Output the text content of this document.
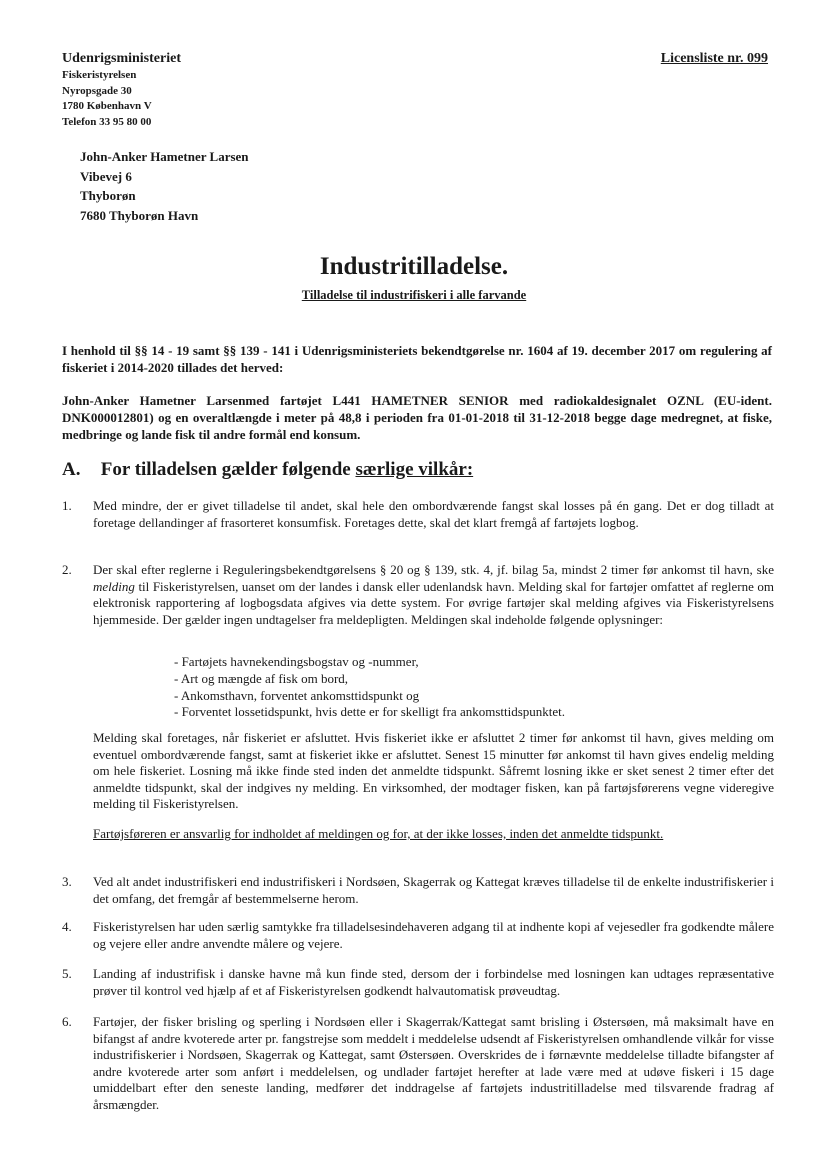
Udenrigsministeriet
Fiskeristyrelsen
Nyropsgade 30
1780 København V
Telefon 33 95 80 00
Licensliste nr. 099
John-Anker Hametner Larsen
Vibevej 6
Thyborøn
7680 Thyborøn Havn
Industritilladelse.
Tilladelse til industrifiskeri i alle farvande
I henhold til §§ 14 - 19 samt §§ 139 - 141 i Udenrigsministeriets bekendtgørelse nr. 1604 af 19. december 2017 om regulering af fiskeriet i 2014-2020 tillades det herved:
John-Anker Hametner Larsenmed fartøjet L441 HAMETNER SENIOR med radiokaldesignalet OZNL (EU-ident. DNK000012801) og en overaltlængde i meter på 48,8 i perioden fra 01-01-2018 til 31-12-2018 begge dage medregnet, at fiske, medbringe og lande fisk til andre formål end konsum.
A. For tilladelsen gælder følgende særlige vilkår:
1.	Med mindre, der er givet tilladelse til andet, skal hele den ombordværende fangst skal losses på én gang. Det er dog tilladt at foretage dellandinger af frasorteret konsumfisk. Foretages dette, skal det klart fremgå af fartøjets logbog.
2.	Der skal efter reglerne i Reguleringsbekendtgørelsens § 20 og § 139, stk. 4, jf. bilag 5a, mindst 2 timer før ankomst til havn, ske melding til Fiskeristyrelsen, uanset om der landes i dansk eller udenlandsk havn. Melding skal for fartøjer omfattet af reglerne om elektronisk rapportering af logbogsdata afgives via dette system. For øvrige fartøjer skal melding afgives via Fiskeristyrelsens hjemmeside. Der gælder ingen undtagelser fra meldepligten. Meldingen skal indeholde følgende oplysninger:
- Fartøjets havnekendingsbogstav og -nummer,
- Art og mængde af fisk om bord,
- Ankomsthavn, forventet ankomsttidspunkt og
- Forventet lossetidspunkt, hvis dette er for skelligt fra ankomsttidspunktet.
Melding skal foretages, når fiskeriet er afsluttet. Hvis fiskeriet ikke er afsluttet 2 timer før ankomst til havn, gives melding om eventuel ombordværende fangst, samt at fiskeriet ikke er afsluttet. Senest 15 minutter før ankomst til havn gives endelig melding om hele fiskeriet. Losning må ikke finde sted inden det anmeldte tidspunkt. Såfremt losning ikke er sket senest 2 timer efter det anmeldte tidspunkt, skal der indgives ny melding. En virksomhed, der modtager fisken, kan på fartøjsførerens vegne videregive melding til Fiskeristyrelsen.
Fartøjsføreren er ansvarlig for indholdet af meldingen og for, at der ikke losses, inden det anmeldte tidspunkt.
3.	Ved alt andet industrifiskeri end industrifiskeri i Nordsøen, Skagerrak og Kattegat kræves tilladelse til de enkelte industrifiskerier i det omfang, det fremgår af bestemmelserne herom.
4.	Fiskeristyrelsen har uden særlig samtykke fra tilladelsesindehaveren adgang til at indhente kopi af vejesedler fra godkendte målere og vejere eller andre anvendte målere og vejere.
5.	Landing af industrifisk i danske havne må kun finde sted, dersom der i forbindelse med losningen kan udtages repræsentative prøver til kontrol ved hjælp af et af Fiskeristyrelsen godkendt halvautomatisk prøveudtag.
6.	Fartøjer, der fisker brisling og sperling i Nordsøen eller i Skagerrak/Kattegat samt brisling i Østersøen, må maksimalt have en bifangst af andre kvoterede arter pr. fangstrejse som meddelt i meddelelse udsendt af Fiskeristyrelsen omhandlende vilkår for visse industrifiskerier i Nordsøen, Skagerrak og Kattegat, samt Østersøen. Overskrides de i førnævnte meddelelse tilladte bifangster af andre kvoterede arter som anført i meddelelsen, og undlader fartøjet herefter at lade være med at udøve fiskeri i 15 dage umiddelbart efter den seneste landing, medfører det inddragelse af fartøjets industritilladelse med tilsvarende fradrag af årsmængder.
